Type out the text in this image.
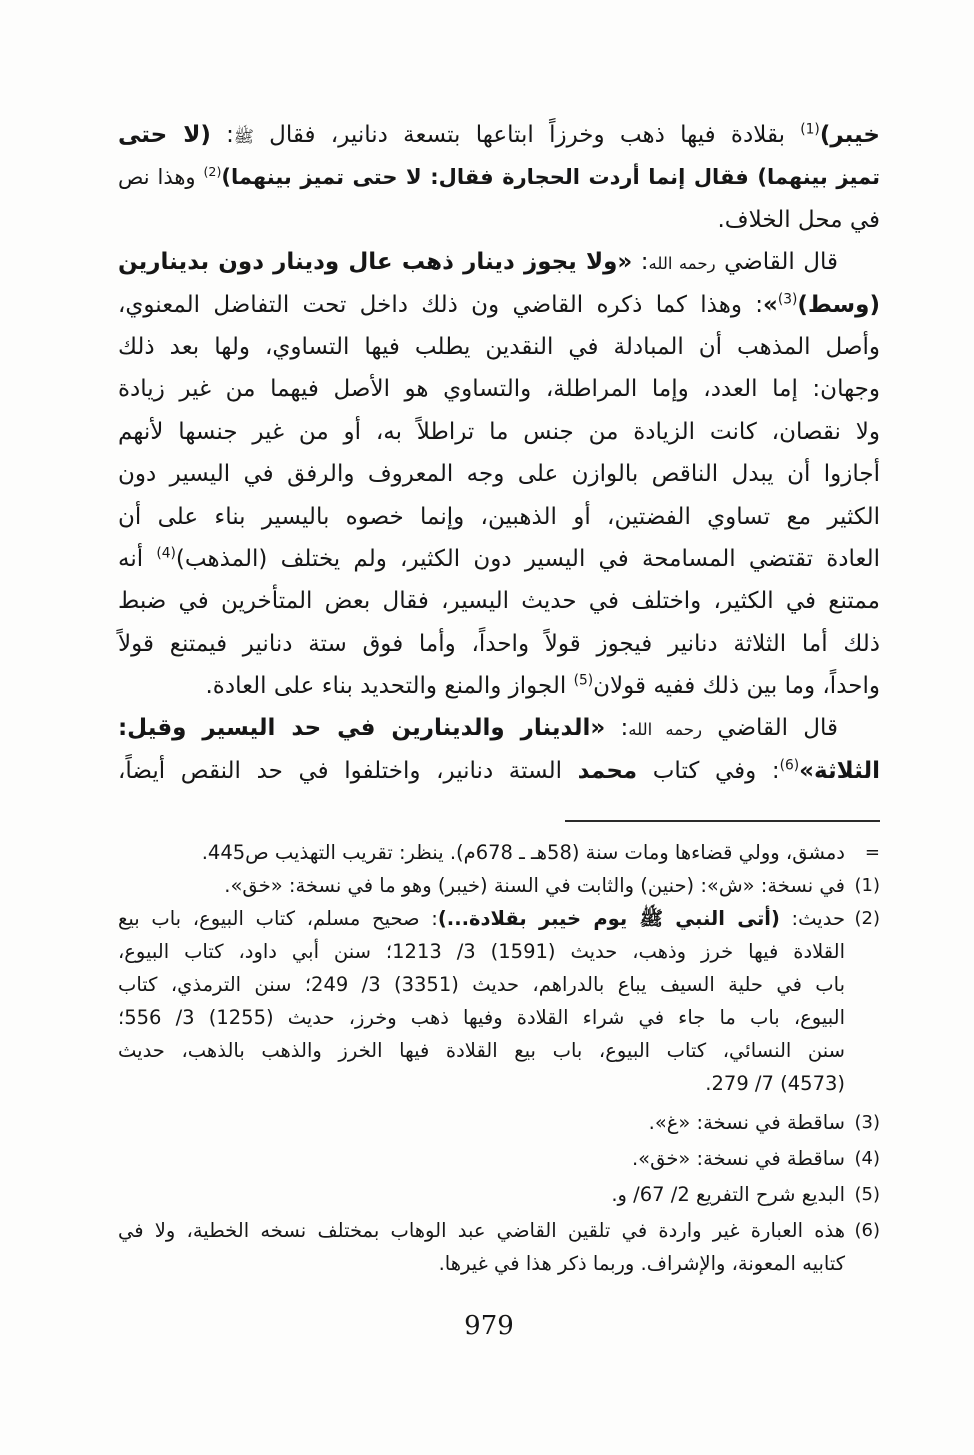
خيبر)$^{(1)}$ بقلادة فيها ذهب وخرزاً ابتاعها بتسعة دنانير، فقال ﷺ: (لا حتى
تميز بينهما) فقال إنما أردت الحجارة فقال: لا حتى تميز بينهما)$^{(2)}$ وهذا نص
في محل الخلاف.
قال القاضي رحمه الله: «ولا يجوز دينار ذهب عال ودينار دون بدينارين
(وسط)$^{(3)}$»: وهذا كما ذكره القاضي ون ذلك داخل تحت التفاضل المعنوي،
وأصل المذهب أن المبادلة في النقدين يطلب فيها التساوي، ولها بعد ذلك
وجهان: إما العدد، وإما المراطلة، والتساوي هو الأصل فيهما من غير زيادة
ولا نقصان، كانت الزيادة من جنس ما تراطلاً به، أو من غير جنسها لأنهم
أجازوا أن يبدل الناقص بالوازن على وجه المعروف والرفق في اليسير دون
الكثير مع تساوي الفضتين، أو الذهبين، وإنما خصوه باليسير بناء على أن
العادة تقتضي المسامحة في اليسير دون الكثير، ولم يختلف (المذهب)$^{(4)}$ أنه
ممتنع في الكثير، واختلف في حديث اليسير، فقال بعض المتأخرين في ضبط
ذلك أما الثلاثة دنانير فيجوز قولاً واحداً، وأما فوق ستة دنانير فيمتنع قولاً
واحداً، وما بين ذلك ففيه قولان$^{(5)}$ الجواز والمنع والتحديد بناء على العادة.
قال القاضي رحمه الله: «الدينار والدينارين في حد اليسير وقيل:
الثلاثة»$^{(6)}$: وفي كتاب محمد الستة دنانير، واختلفوا في حد النقص أيضاً،
=
دمشق، وولي قضاءها ومات سنة (58هـ ـ 678م). ينظر: تقريب التهذيب ص445.
(1)
في نسخة: «ش»: (حنين) والثابت في السنة (خيبر) وهو ما في نسخة: «خق».
(2)
حديث: (أتى النبي ﷺ يوم خيبر بقلادة...): صحيح مسلم، كتاب البيوع، باب بيع
القلادة فيها خرز وذهب، حديث (1591) 3/ 1213؛ سنن أبي داود، كتاب البيوع،
باب في حلية السيف يباع بالدراهم، حديث (3351) 3/ 249؛ سنن الترمذي، كتاب
البيوع، باب ما جاء في شراء القلادة وفيها ذهب وخرز، حديث (1255) 3/ 556؛
سنن النسائي، كتاب البيوع، باب بيع القلادة فيها الخرز والذهب بالذهب، حديث
(4573) 7/ 279.
(3)
ساقطة في نسخة: «غ».
(4)
ساقطة في نسخة: «خق».
(5)
البديع شرح التفريع 2/ 67/ و.
(6)
هذه العبارة غير واردة في تلقين القاضي عبد الوهاب بمختلف نسخه الخطية، ولا في
كتابيه المعونة، والإشراف. وربما ذكر هذا في غيرها.
979
